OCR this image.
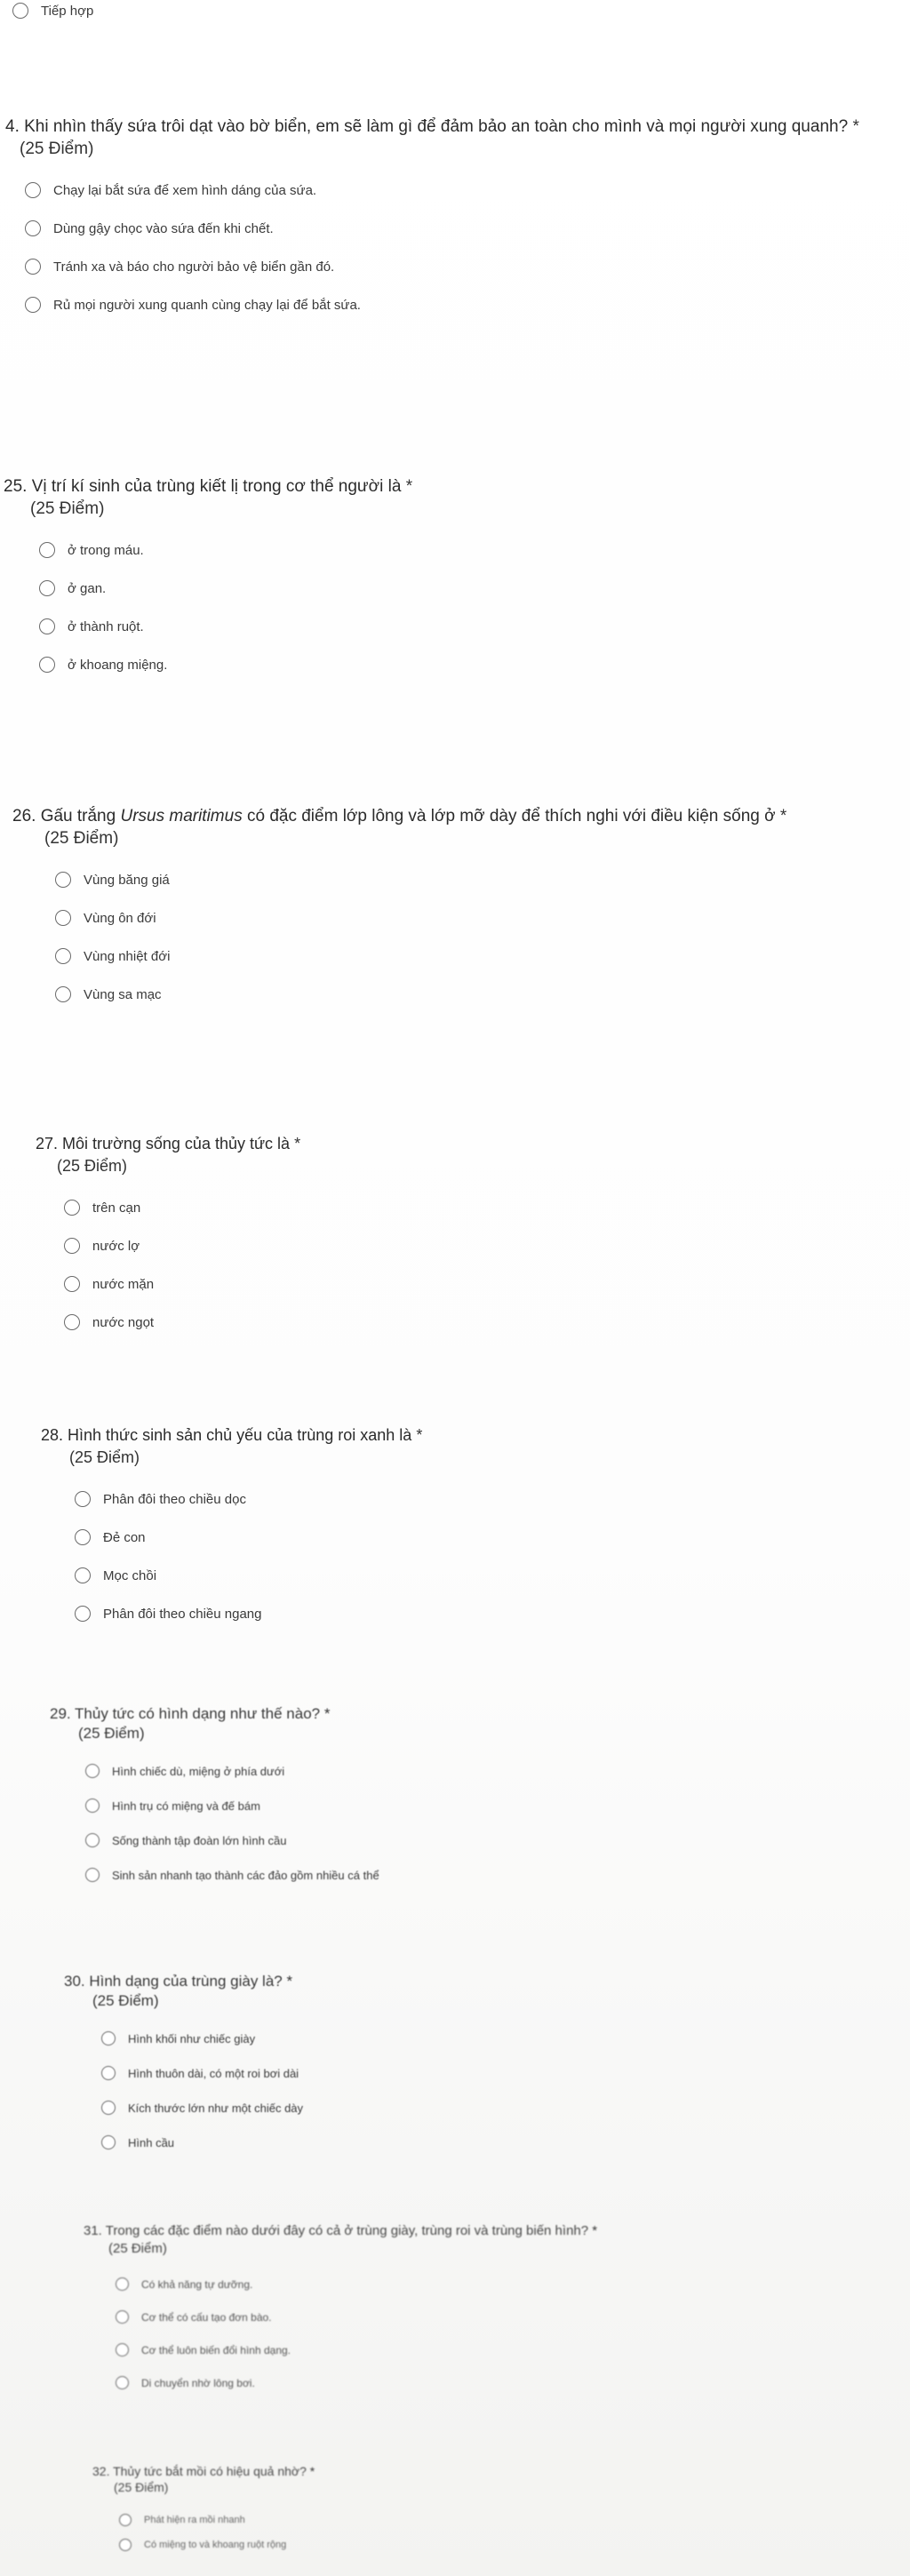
Tiếp hợp

4. Khi nhìn thấy sứa trôi dạt vào bờ biển, em sẽ làm gì để đảm bảo an toàn cho mình và mọi người xung quanh? *

(25 Điểm)

Chạy lại bắt sứa để xem hình dáng của sứa.
Dùng gậy chọc vào sứa đến khi chết.
Tránh xa và báo cho người bảo vệ biển gần đó.
Rủ mọi người xung quanh cùng chạy lại để bắt sứa.

25. Vị trí kí sinh của trùng kiết lị trong cơ thể người là *

(25 Điểm)

ở trong máu.
ở gan.
ở thành ruột.
ở khoang miệng.

26. Gấu trắng Ursus maritimus có đặc điểm lớp lông và lớp mỡ dày để thích nghi với điều kiện sống ở *

(25 Điểm)

Vùng băng giá
Vùng ôn đới
Vùng nhiệt đới
Vùng sa mạc

27. Môi trường sống của thủy tức là *

(25 Điểm)

trên cạn
nước lợ
nước mặn
nước ngọt

28. Hình thức sinh sản chủ yếu của trùng roi xanh là *

(25 Điểm)

Phân đôi theo chiều dọc
Đẻ con
Mọc chồi
Phân đôi theo chiều ngang

29. Thủy tức có hình dạng như thế nào? *

(25 Điểm)

Hình chiếc dù, miệng ở phía dưới
Hình trụ có miệng và đế bám
Sống thành tập đoàn lớn hình cầu
Sinh sản nhanh tạo thành các đảo gồm nhiều cá thể

30. Hình dạng của trùng giày là? *

(25 Điểm)

Hình khối như chiếc giày
Hình thuôn dài, có một roi bơi dài
Kích thước lớn như một chiếc dày
Hình cầu

31. Trong các đặc điểm nào dưới đây có cả ở trùng giày, trùng roi và trùng biến hình? *

(25 Điểm)

Có khả năng tự dưỡng.
Cơ thể có cấu tạo đơn bào.
Cơ thể luôn biến đổi hình dạng.
Di chuyển nhờ lông bơi.

32. Thủy tức bắt mồi có hiệu quả nhờ? *

(25 Điểm)

Phát hiện ra mồi nhanh
Có miệng to và khoang ruột rộng
